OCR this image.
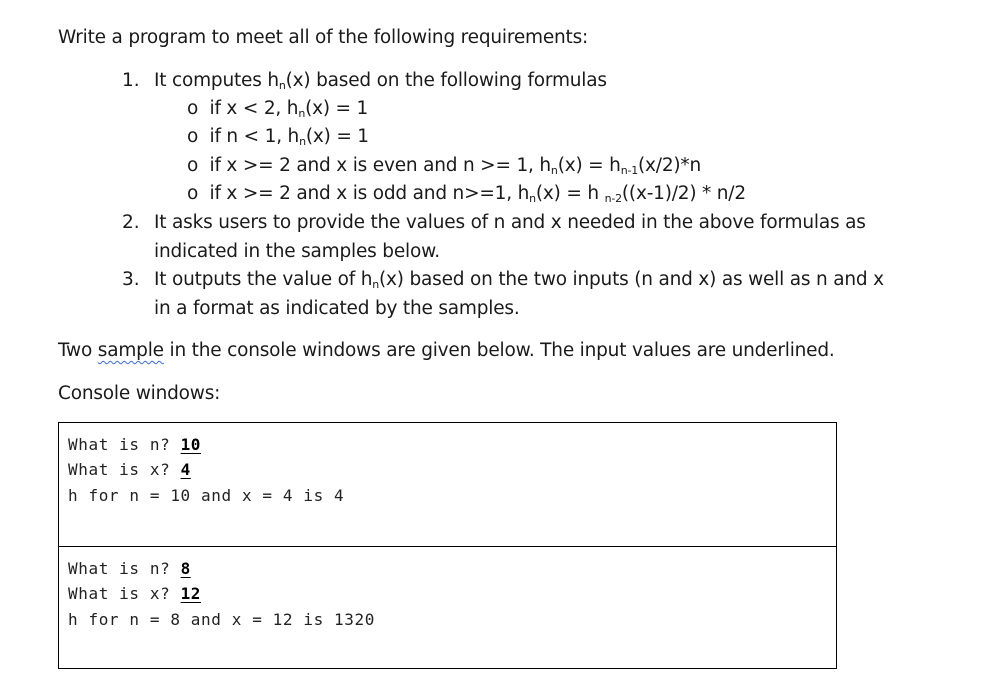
Write a program to meet all of the following requirements:
1. It computes $h_n(x)$ based on the following formulas
o if x < 2, $h_n(x) = 1$
o if n < 1, $h_n(x) = 1$
o if x >= 2 and x is even and n >= 1, $h_n(x) = h_{n-1}(x/2)*n$
o if x >= 2 and x is odd and n>=1, $h_n(x) = h$ $_{n-2}$((x-1)/2) * n/2
2. It asks users to provide the values of n and x needed in the above formulas as
indicated in the samples below.
3. It outputs the value of $h_n(x)$ based on the two inputs (n and x) as well as n and x
in a format as indicated by the samples.
Two sample in the console windows are given below. The input values are underlined.
Console windows:
What is n? 10
What is x? 4
h for n = 10 and x = 4 is 4
What is n? 8
What is x? 12
h for n = 8 and x = 12 is 1320
